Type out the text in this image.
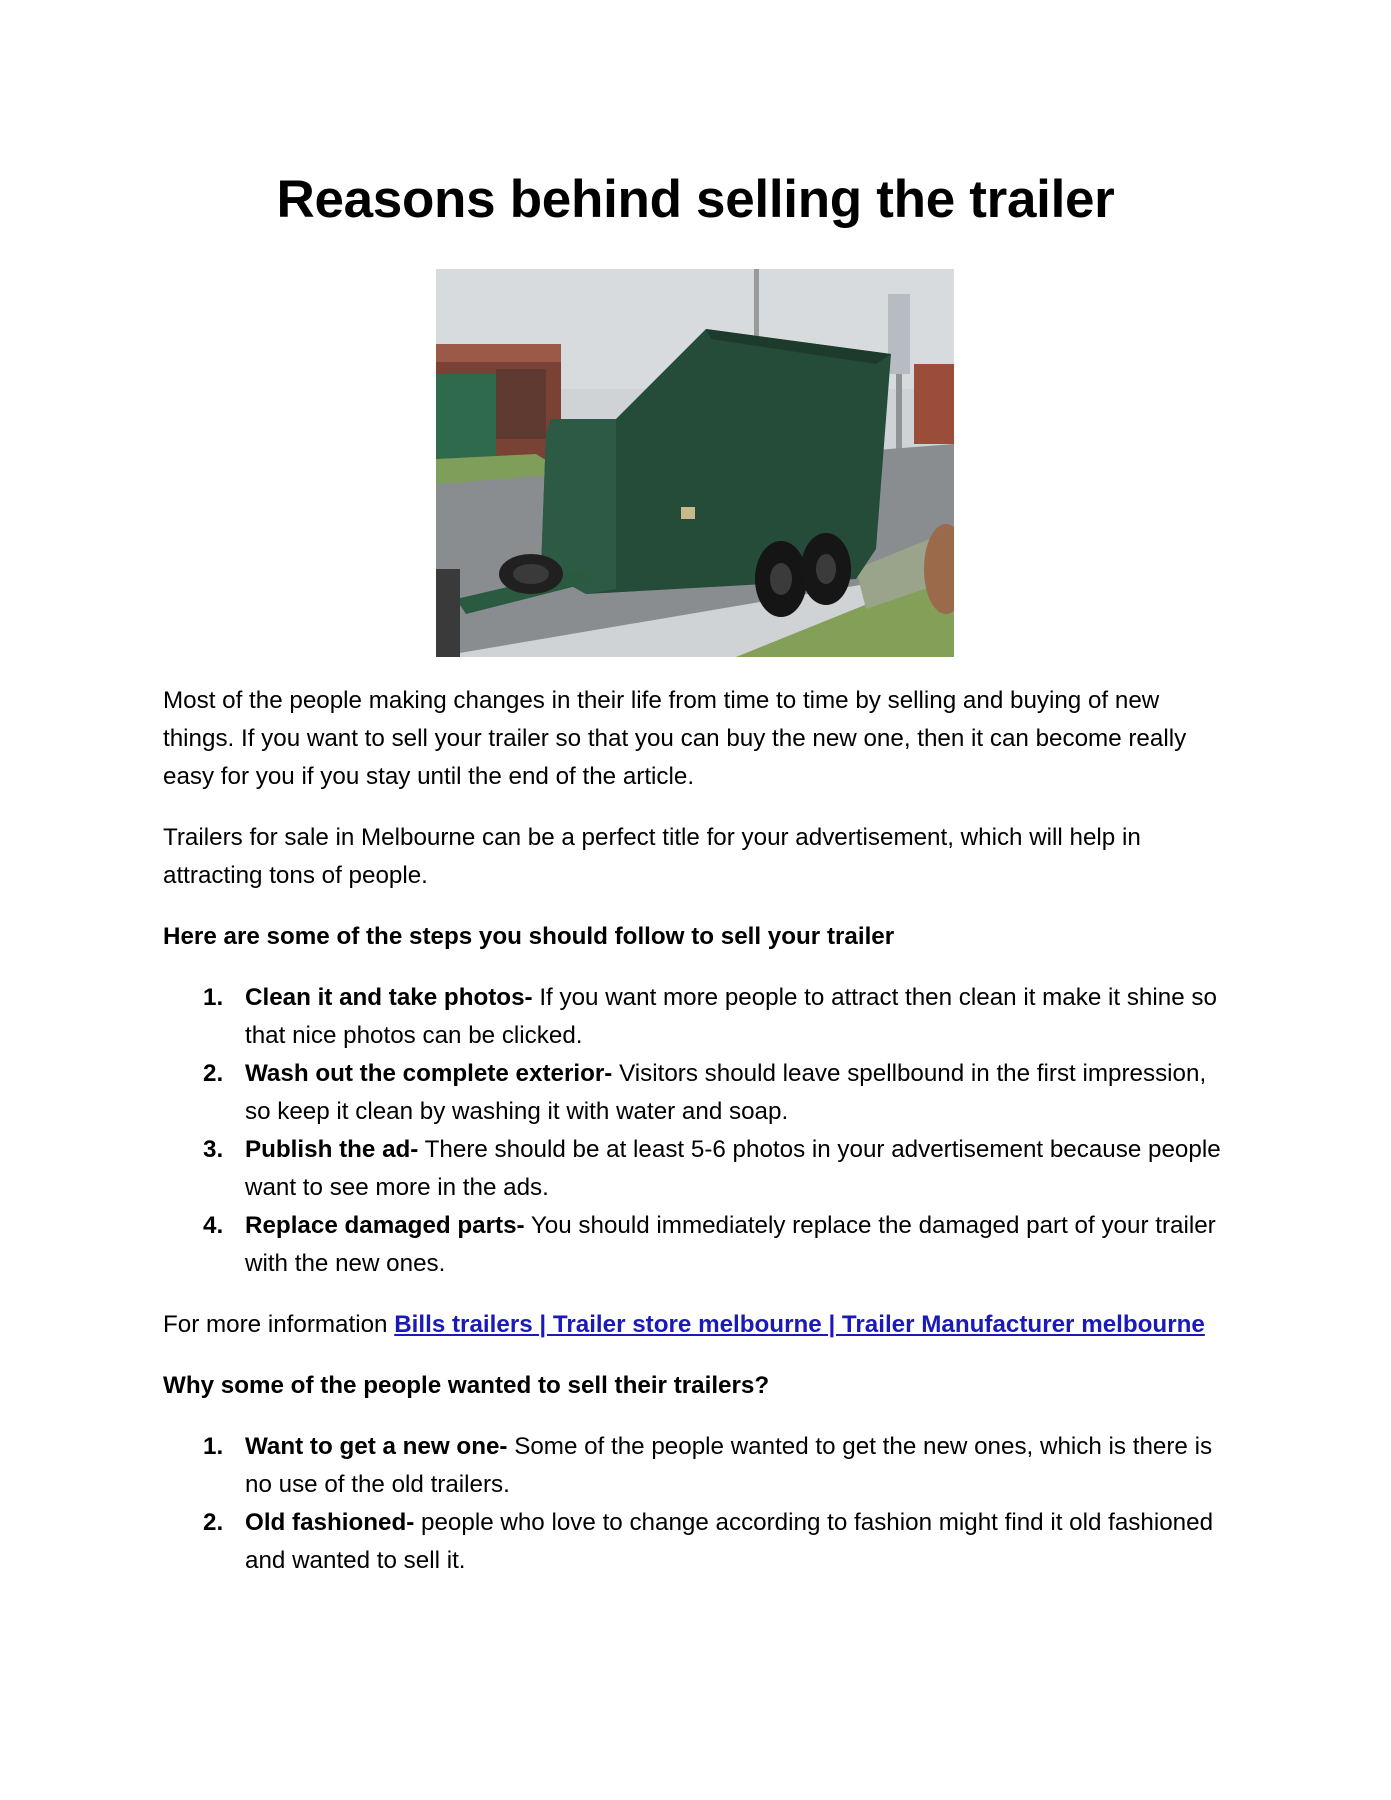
Reasons behind selling the trailer

Most of the people making changes in their life from time to time by selling and buying of new things. If you want to sell your trailer so that you can buy the new one, then it can become really easy for you if you stay until the end of the article.

Trailers for sale in Melbourne can be a perfect title for your advertisement, which will help in attracting tons of people.

Here are some of the steps you should follow to sell your trailer

1. Clean it and take photos- If you want more people to attract then clean it make it shine so that nice photos can be clicked.
2. Wash out the complete exterior- Visitors should leave spellbound in the first impression, so keep it clean by washing it with water and soap.
3. Publish the ad- There should be at least 5-6 photos in your advertisement because people want to see more in the ads.
4. Replace damaged parts- You should immediately replace the damaged part of your trailer with the new ones.

For more information Bills trailers | Trailer store melbourne | Trailer Manufacturer melbourne

Why some of the people wanted to sell their trailers?

1. Want to get a new one- Some of the people wanted to get the new ones, which is there is no use of the old trailers.
2. Old fashioned- people who love to change according to fashion might find it old fashioned and wanted to sell it.
